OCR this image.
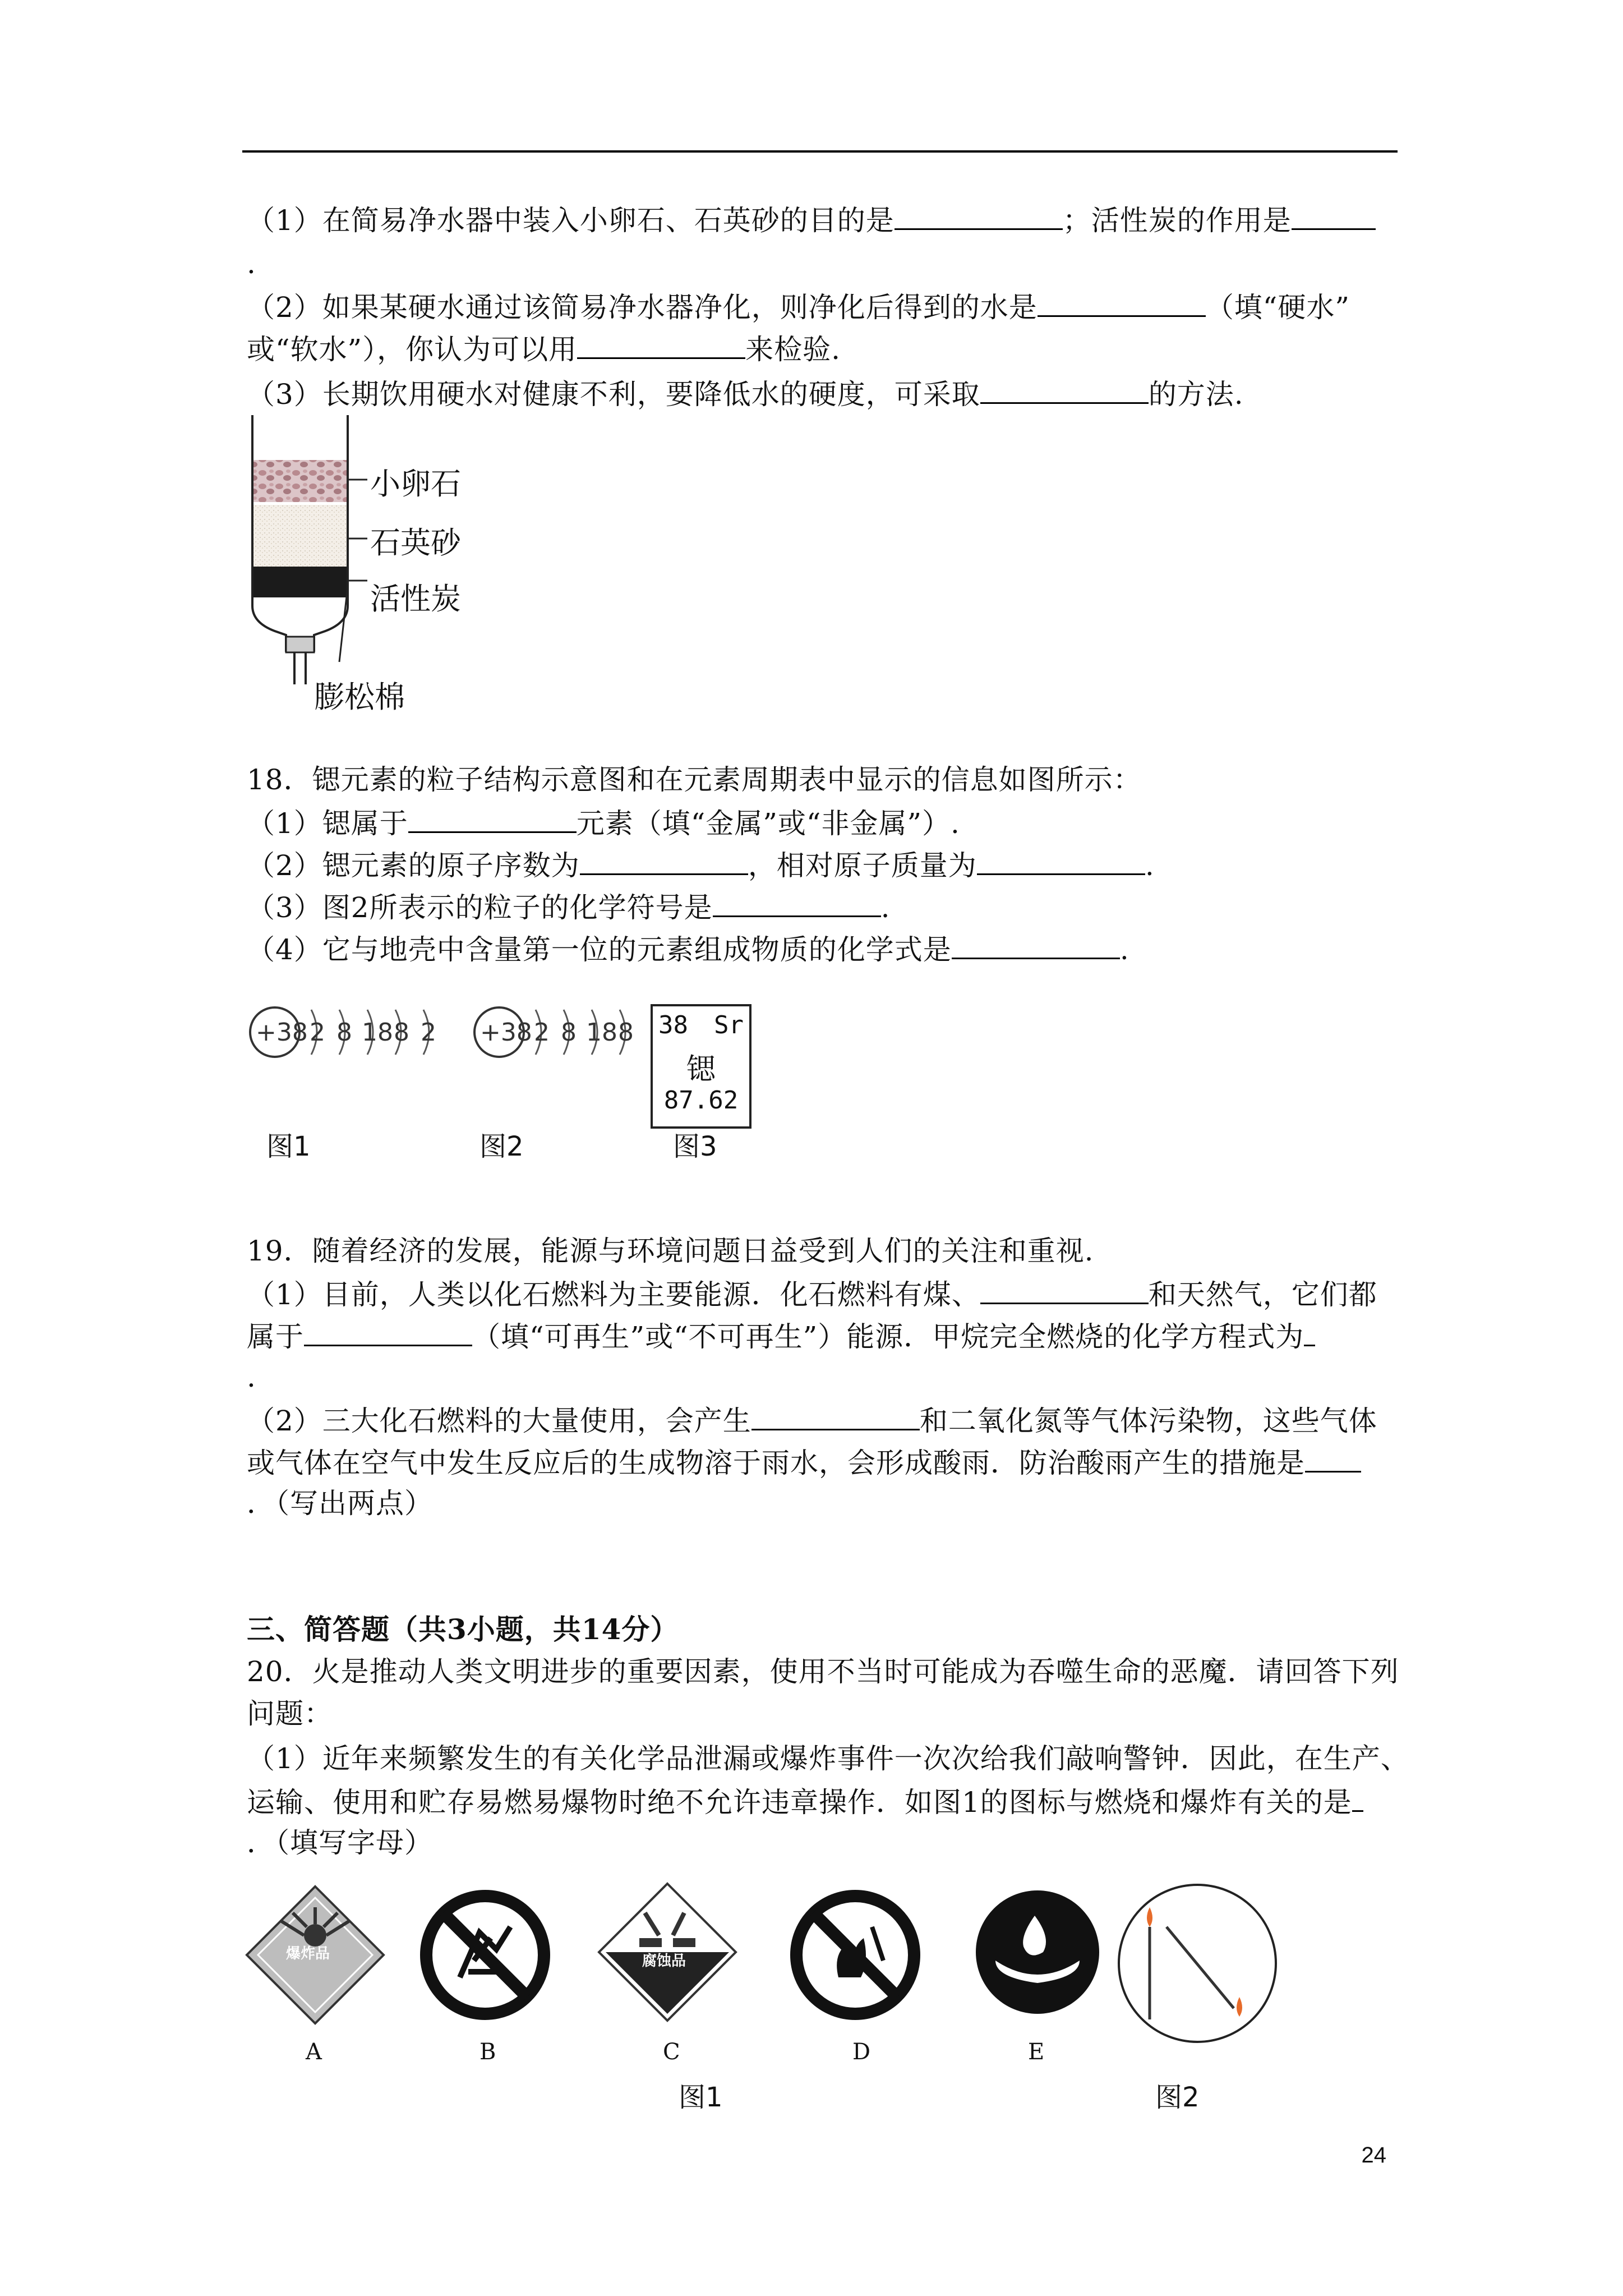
（1）在简易净水器中装入小卵石、石英砂的目的是	；活性炭的作用是
.
（2）如果某硬水通过该简易净水器净化，则净化后得到的水是	（填“硬水”
或“软水”），你认为可以用	来检验.
（3）长期饮用硬水对健康不利，要降低水的硬度，可采取	的方法.
小卵石
石英砂
活性炭
膨松棉
18．锶元素的粒子结构示意图和在元素周期表中显示的信息如图所示：
（1）锶属于	元素（填“金属”或“非金属”）.
（2）锶元素的原子序数为	，相对原子质量为	.
（3）图2所表示的粒子的化学符号是	.
（4）它与地壳中含量第一位的元素组成物质的化学式是	.
+38 2 8 18 8 2
图1
+38 2 8 18 8
图2
38 Sr
锶
87.62
图3
19．随着经济的发展，能源与环境问题日益受到人们的关注和重视.
（1）目前，人类以化石燃料为主要能源．化石燃料有煤、	和天然气，它们都
属于	（填“可再生”或“不可再生”）能源．甲烷完全燃烧的化学方程式为
.
（2）三大化石燃料的大量使用，会产生	和二氧化氮等气体污染物，这些气体
或气体在空气中发生反应后的生成物溶于雨水，会形成酸雨．防治酸雨产生的措施是
．（写出两点）
三、简答题（共3小题，共14分）
20．火是推动人类文明进步的重要因素，使用不当时可能成为吞噬生命的恶魔．请回答下列
问题：
（1）近年来频繁发生的有关化学品泄漏或爆炸事件一次次给我们敲响警钟．因此，在生产、
运输、使用和贮存易燃易爆物时绝不允许违章操作．如图1的图标与燃烧和爆炸有关的是
．（填写字母）
爆炸品	腐蚀品
A	B	C	D	E
图1	图2
24
